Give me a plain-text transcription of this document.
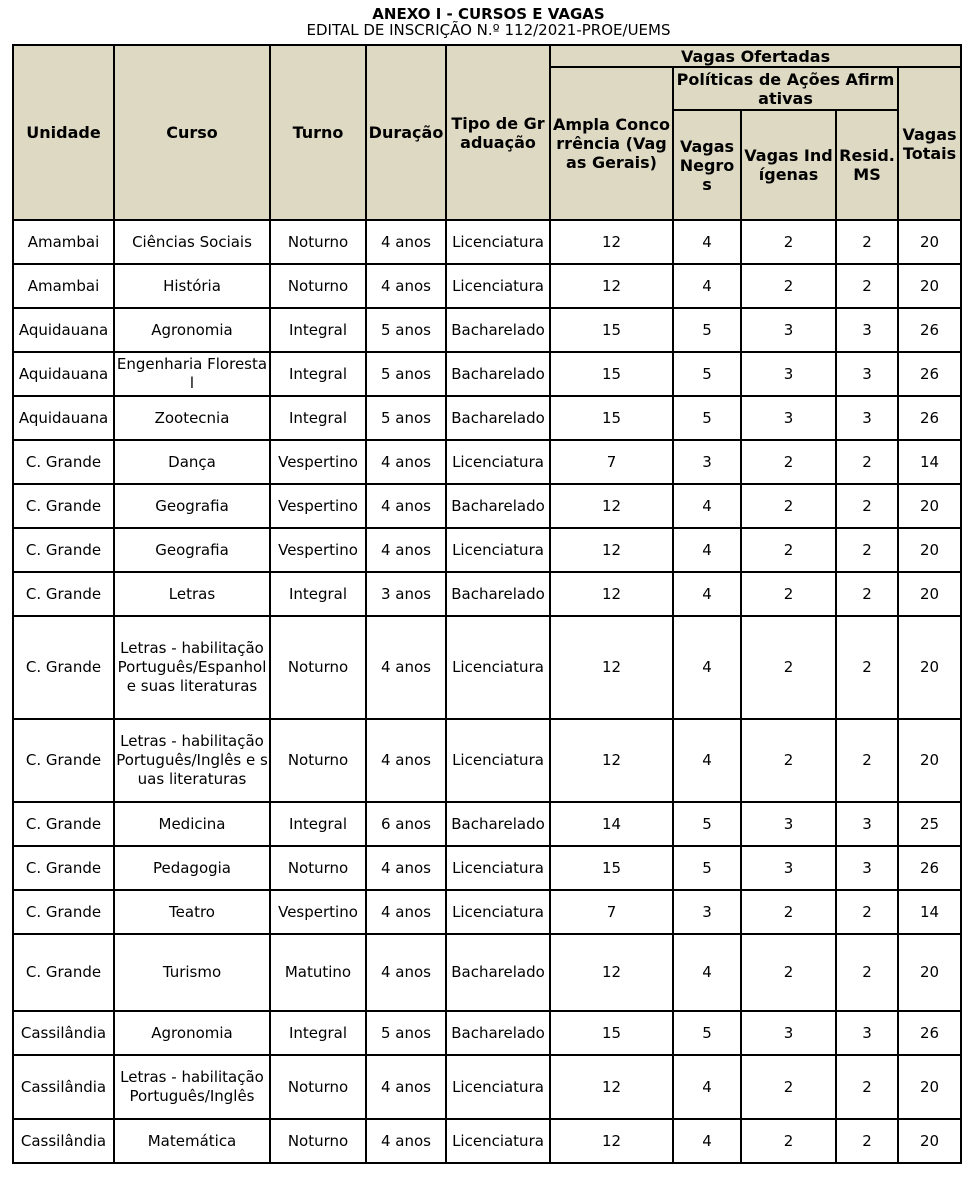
ANEXO I - CURSOS E VAGAS
EDITAL DE INSCRIÇÃO N.º 112/2021-PROE/UEMS
Unidade	Curso	Turno	Duração	Tipo de Graduação	Vagas Ofertadas				
					Ampla Concorrência (Vagas Gerais)	Políticas de Ações Afirmativas			Vagas Totais
						Vagas Negros	Vagas Indígenas	Resid. MS	

Amambai	Ciências Sociais	Noturno	4 anos	Licenciatura	12	4	2	2	20
Amambai	História	Noturno	4 anos	Licenciatura	12	4	2	2	20
Aquidauana	Agronomia	Integral	5 anos	Bacharelado	15	5	3	3	26
Aquidauana	Engenharia Florestal	Integral	5 anos	Bacharelado	15	5	3	3	26
Aquidauana	Zootecnia	Integral	5 anos	Bacharelado	15	5	3	3	26
C. Grande	Dança	Vespertino	4 anos	Licenciatura	7	3	2	2	14
C. Grande	Geografia	Vespertino	4 anos	Bacharelado	12	4	2	2	20
C. Grande	Geografia	Vespertino	4 anos	Licenciatura	12	4	2	2	20
C. Grande	Letras	Integral	3 anos	Bacharelado	12	4	2	2	20
C. Grande	Letras - habilitação Português/Espanhol e suas literaturas	Noturno	4 anos	Licenciatura	12	4	2	2	20
C. Grande	Letras - habilitação Português/Inglês e suas literaturas	Noturno	4 anos	Licenciatura	12	4	2	2	20
C. Grande	Medicina	Integral	6 anos	Bacharelado	14	5	3	3	25
C. Grande	Pedagogia	Noturno	4 anos	Licenciatura	15	5	3	3	26
C. Grande	Teatro	Vespertino	4 anos	Licenciatura	7	3	2	2	14
C. Grande	Turismo	Matutino	4 anos	Bacharelado	12	4	2	2	20
Cassilândia	Agronomia	Integral	5 anos	Bacharelado	15	5	3	3	26
Cassilândia	Letras - habilitação Português/Inglês	Noturno	4 anos	Licenciatura	12	4	2	2	20
Cassilândia	Matemática	Noturno	4 anos	Licenciatura	12	4	2	2	20
